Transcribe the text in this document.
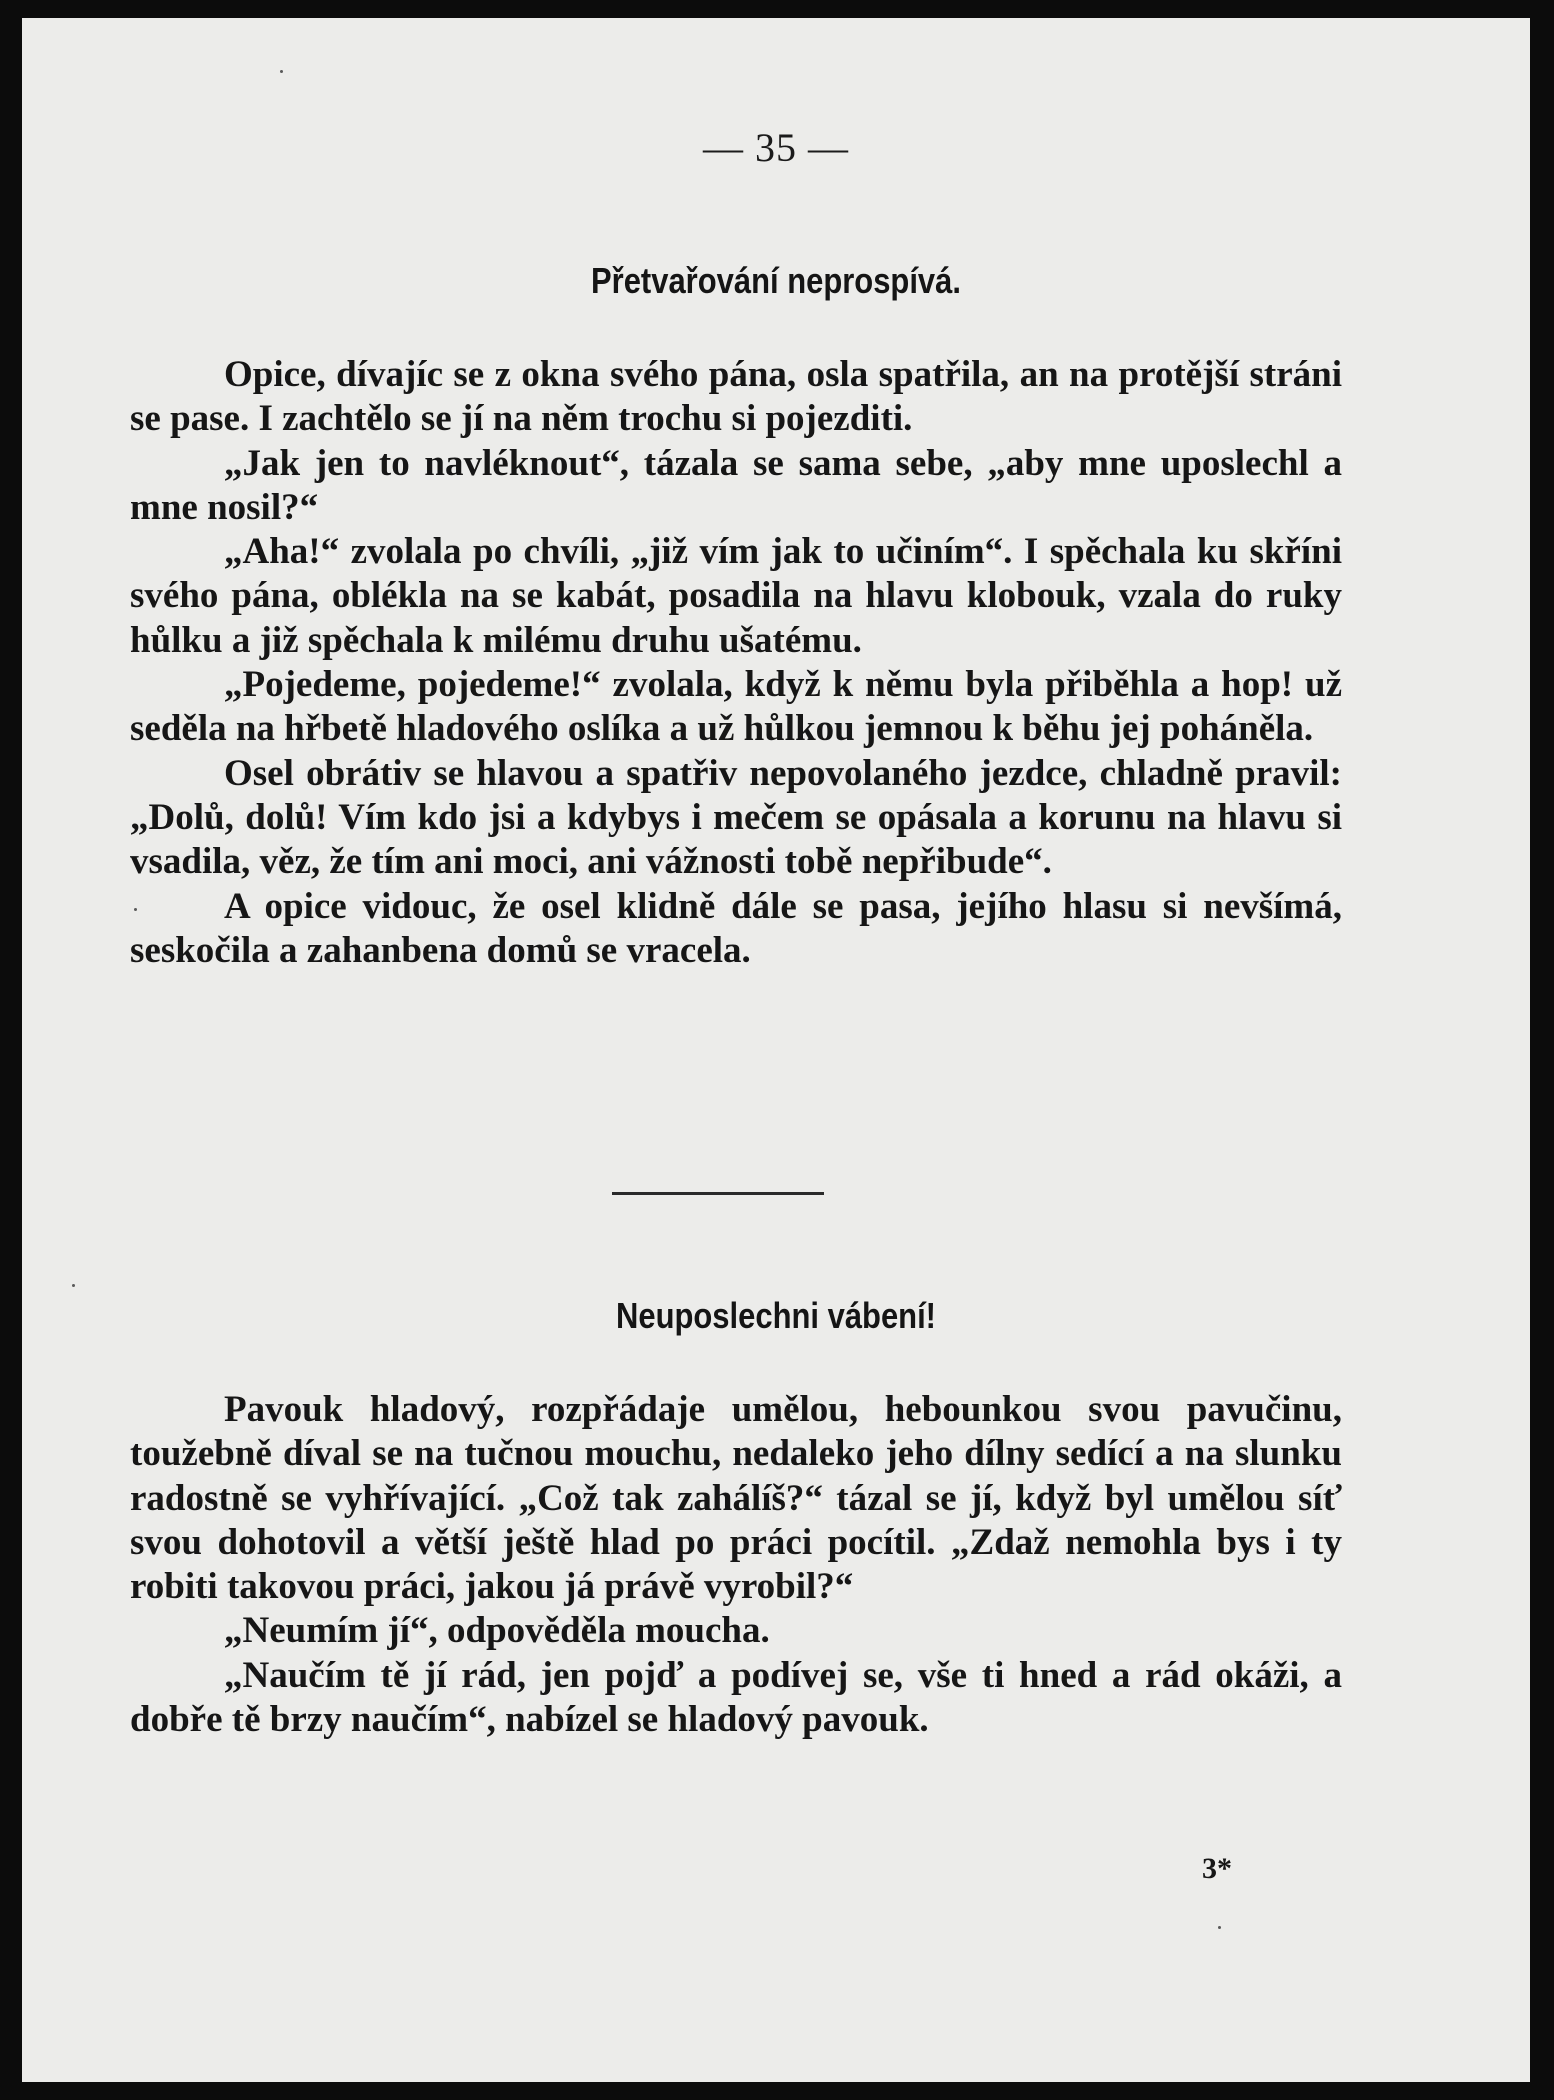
— 35 —
Přetvařování neprospívá.

Opice, dívajíc se z okna svého pána, osla spatřila, an na protější stráni se pase. I zachtělo se jí na něm trochu si pojezditi.

„Jak jen to navléknout“, tázala se sama sebe, „aby mne uposlechl a mne nosil?“

„Aha!“ zvolala po chvíli, „již vím jak to učiním“. I spěchala ku skříni svého pána, oblékla na se kabát, posadila na hlavu klobouk, vzala do ruky hůlku a již spěchala k milému druhu ušatému.

„Pojedeme, pojedeme!“ zvolala, když k němu byla přiběhla a hop! už seděla na hřbetě hladového oslíka a už hůlkou jemnou k běhu jej poháněla.

Osel obrátiv se hlavou a spatřiv nepovolaného jezdce, chladně pravil: „Dolů, dolů! Vím kdo jsi a kdybys i mečem se opásala a korunu na hlavu si vsadila, věz, že tím ani moci, ani vážnosti tobě nepřibude“.

A opice vidouc, že osel klidně dále se pasa, jejího hlasu si nevšímá, seskočila a zahanbena domů se vracela.

Neuposlechni vábení!

Pavouk hladový, rozpřádaje umělou, hebounkou svou pavučinu, toužebně díval se na tučnou mouchu, nedaleko jeho dílny sedící a na slunku radostně se vyhřívající. „Což tak zahálíš?“ tázal se jí, když byl umělou síť svou dohotovil a větší ještě hlad po práci pocítil. „Zdaž nemohla bys i ty robiti takovou práci, jakou já právě vyrobil?“

„Neumím jí“, odpověděla moucha.

„Naučím tě jí rád, jen pojď a podívej se, vše ti hned a rád okáži, a dobře tě brzy naučím“, nabízel se hladový pavouk.

3*
